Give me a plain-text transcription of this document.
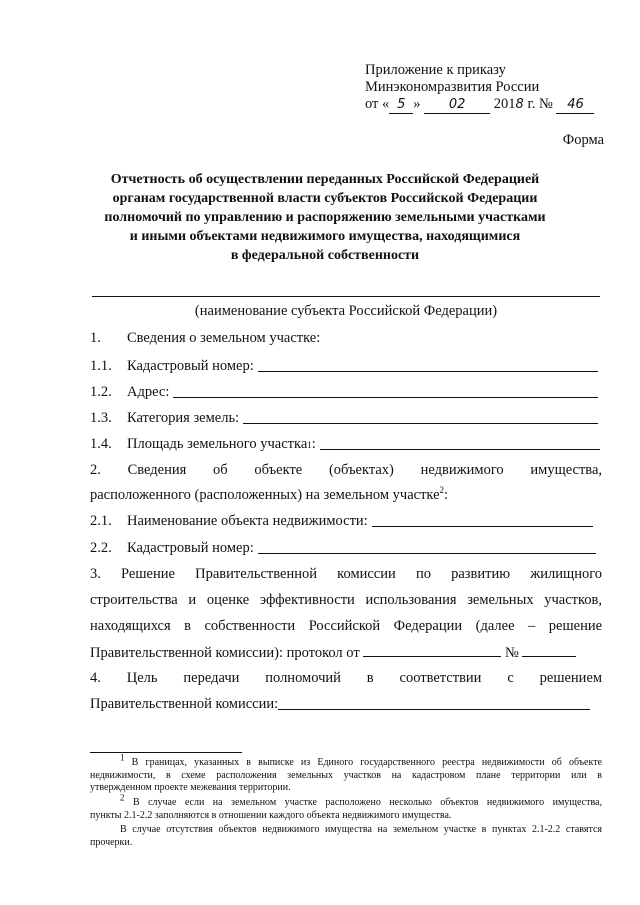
Приложение к приказу
Минэкономразвития России
от « 5 » 02 2018 г. № 46
Форма
Отчетность об осуществлении переданных Российской Федерацией
органам государственной власти субъектов Российской Федерации
полномочий по управлению и распоряжению земельными участками
и иными объектами недвижимого имущества, находящимися
в федеральной собственности
(наименование субъекта Российской Федерации)
1.	Сведения о земельном участке:
1.1.	Кадастровый номер:
1.2.	Адрес:
1.3.	Категория земель:
1.4.	Площадь земельного участка 1 :
2. Сведения об объекте (объектах) недвижимого имущества,
расположенного (расположенных) на земельном участке$^2$:
2.1.	Наименование объекта недвижимости:
2.2.	Кадастровый номер:
3. Решение Правительственной комиссии по развитию жилищного
строительства и оценке эффективности использования земельных участков,
находящихся в собственности Российской Федерации (далее – решение
Правительственной комиссии): протокол от	№
4. Цель передачи полномочий в соответствии с решением
Правительственной комиссии:
$^1$ В границах, указанных в выписке из Единого государственного реестра недвижимости об объекте
недвижимости, в схеме расположения земельных участков на кадастровом плане территории или в
утвержденном проекте межевания территории.
$^2$ В случае если на земельном участке расположено несколько объектов недвижимого имущества,
пункты 2.1-2.2 заполняются в отношении каждого объекта недвижимого имущества.
В случае отсутствия объектов недвижимого имущества на земельном участке в пунктах 2.1-2.2 ставятся
прочерки.
